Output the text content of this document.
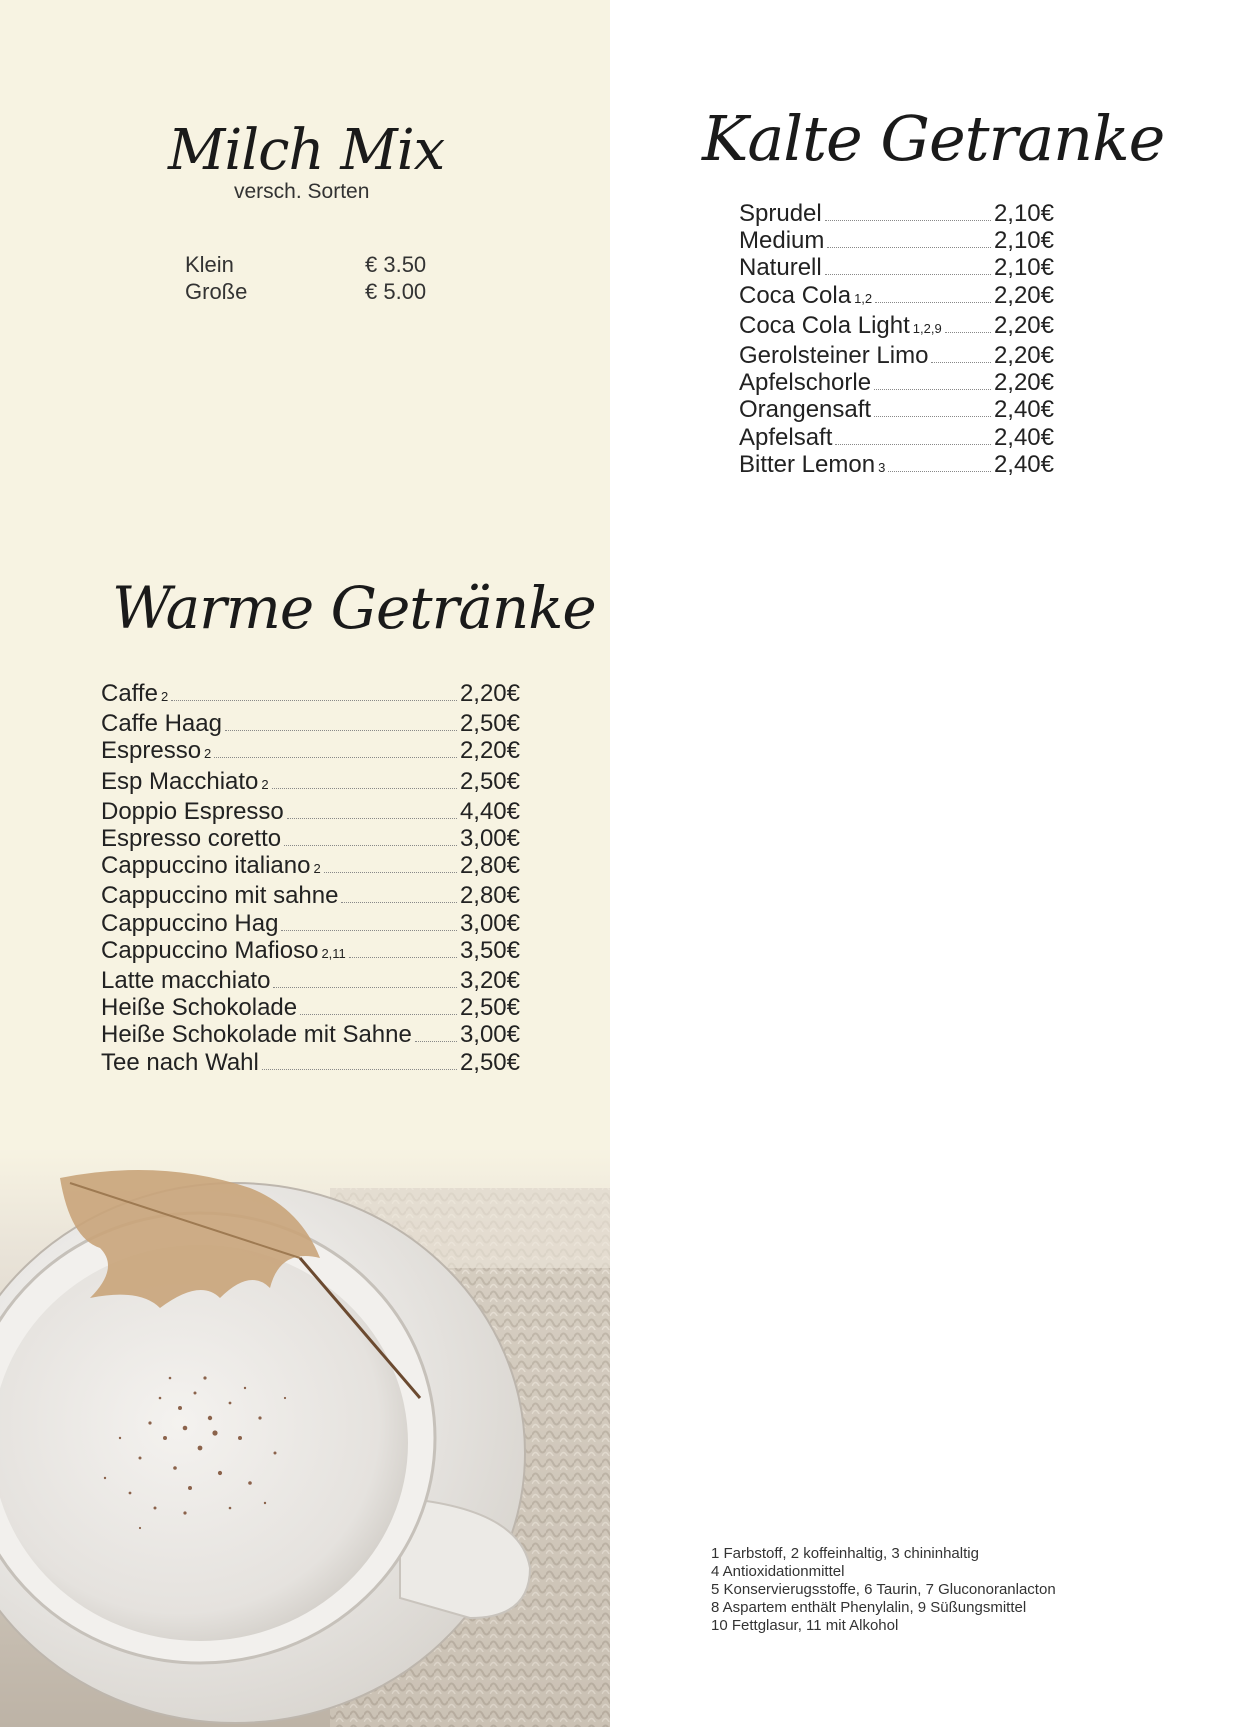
Milch Mix

versch. Sorten

Klein	€ 3.50
Große	€ 5.00
Kalte Getranke
Sprudel	2,10€
Medium	2,10€
Naturell	2,10€
Coca Cola 1,2	2,20€
Coca Cola Light 1,2,9 2,20€
Gerolsteiner Limo	2,20€
Apfelschorle	2,20€
Orangensaft	2,40€
Apfelsaft	2,40€
Bitter Lemon 3	2,40€
Warme Getränke
Caffe 2	2,20€
Caffe Haag	2,50€
Espresso 2	2,20€
Esp Macchiato 2	2,50€
Doppio Espresso	4,40€
Espresso coretto	3,00€
Cappuccino italiano 2	2,80€
Cappuccino mit sahne	2,80€
Cappuccino Hag	3,00€
Cappuccino Mafioso 2,11	3,50€
Latte macchiato	3,20€
Heiße Schokolade	2,50€
Heiße Schokolade mit Sahne 3,00€
Tee nach Wahl	2,50€
1 Farbstoff, 2 koffeinhaltig, 3 chininhaltig
4 Antioxidationmittel
5 Konservierugsstoffe, 6 Taurin, 7 Gluconoranlacton
8 Aspartem enthält Phenylalin, 9 Süßungsmittel
10 Fettglasur, 11 mit Alkohol
